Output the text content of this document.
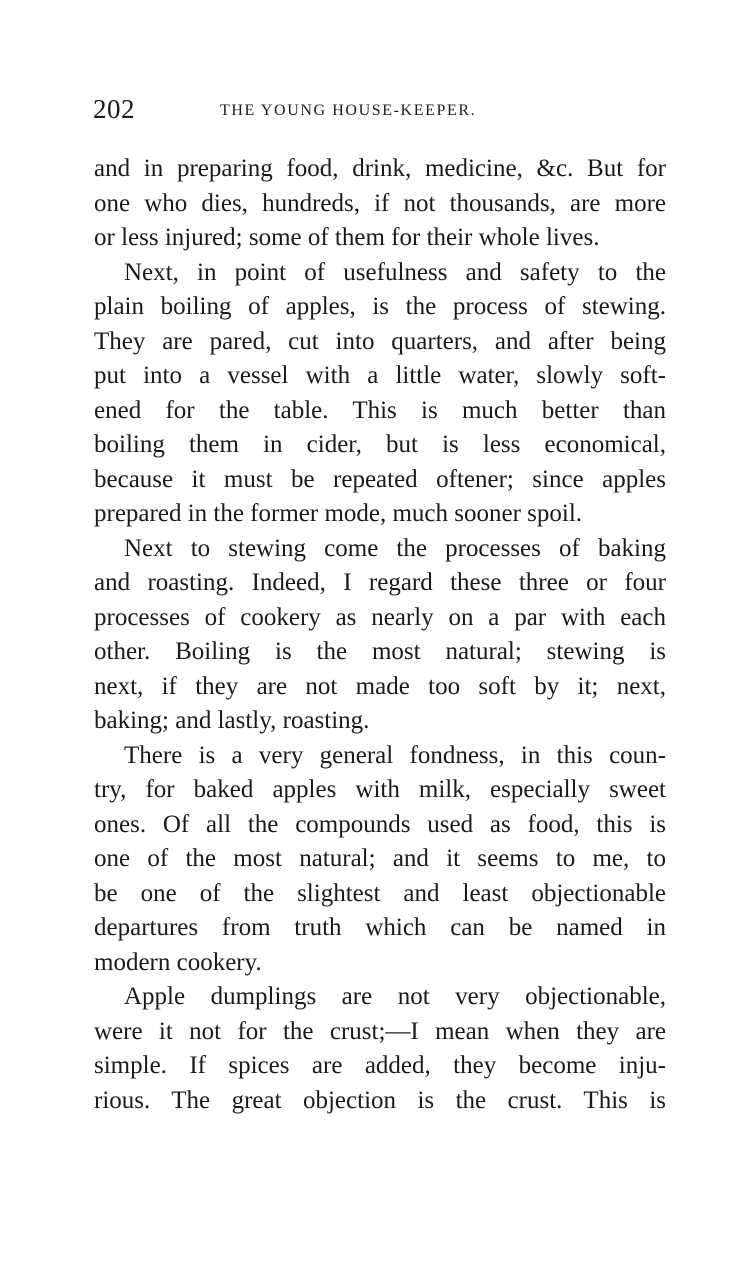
202	THE YOUNG HOUSE-KEEPER.
and in preparing food, drink, medicine, &c. But for
one who dies, hundreds, if not thousands, are more
or less injured; some of them for their whole lives.
Next, in point of usefulness and safety to the
plain boiling of apples, is the process of stewing.
They are pared, cut into quarters, and after being
put into a vessel with a little water, slowly soft-
ened for the table. This is much better than
boiling them in cider, but is less economical,
because it must be repeated oftener; since apples
prepared in the former mode, much sooner spoil.
Next to stewing come the processes of baking
and roasting. Indeed, I regard these three or four
processes of cookery as nearly on a par with each
other. Boiling is the most natural; stewing is
next, if they are not made too soft by it; next,
baking; and lastly, roasting.
There is a very general fondness, in this coun-
try, for baked apples with milk, especially sweet
ones. Of all the compounds used as food, this is
one of the most natural; and it seems to me, to
be one of the slightest and least objectionable
departures from truth which can be named in
modern cookery.
Apple dumplings are not very objectionable,
were it not for the crust;—I mean when they are
simple. If spices are added, they become inju-
rious. The great objection is the crust. This is
